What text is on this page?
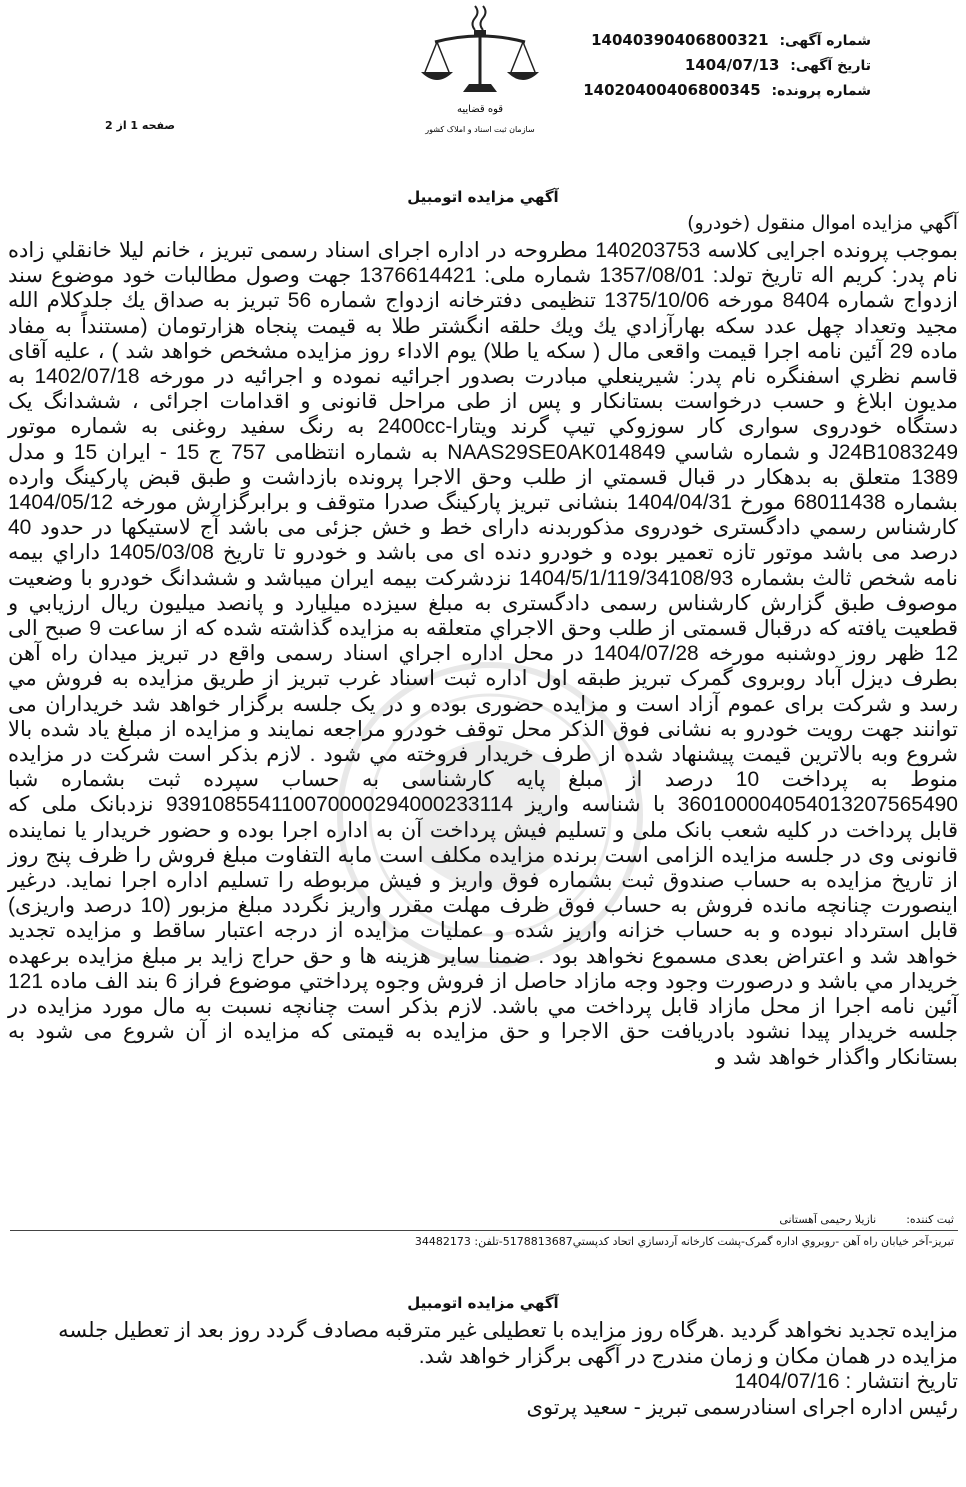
شماره آگهی: 14040390406800321
تاریخ آگهی: 1404/07/13
شماره پرونده: 14020400406800345
قوه قضاییه
سازمان ثبت اسناد و املاک کشور
صفحه 1 از 2
آگهي مزايده اتومبيل
آگهي مزايده اموال منقول (خودرو)
بموجب پرونده اجرایی کلاسه 140203753 مطروحه در اداره اجرای اسناد رسمی تبریز ، خانم لیلا خانقلي زاده نام پدر: کریم اله تاریخ تولد: 1357/08/01 شماره ملی: 1376614421 جهت وصول مطالبات خود موضوع سند ازدواج شماره 8404 مورخه 1375/10/06 تنظیمی دفترخانه ازدواج شماره 56 تبریز به صداق يك جلدكلام الله مجيد وتعداد چهل عدد سكه بهارآزادي يك ويك حلقه انگشتر طلا به قيمت پنجاه هزارتومان (مستنداً به مفاد ماده 29 آئين نامه اجرا قيمت واقعی مال ( سکه یا طلا) یوم الاداء روز مزایده مشخص خواهد شد ) ، علیه آقای قاسم نظري اسفنگره نام پدر: شيرينعلي مبادرت بصدور اجرائیه نموده و اجرائیه در مورخه 1402/07/18 به مدیون ابلاغ و حسب درخواست بستانکار و پس از طی مراحل قانونی و اقدامات اجرائی ، ششدانگ یک دستگاه خودروی سواری کار سوزوكي تيپ گرند ويتارا-2400cc به رنگ سفيد روغنی به شماره موتور J24B1083249 و شماره شاسي NAAS29SE0AK014849 به شماره انتظامی 757 ج 15 - ایران 15 و مدل 1389 متعلق به بدهکار در قبال قسمتي از طلب وحق الاجرا پرونده بازداشت و طبق قبض پارکینگ وارده بشماره 68011438 مورخ 1404/04/31 بنشانی تبریز پارکینگ صدرا متوقف و برابرگزارش مورخه 1404/05/12 کارشناس رسمي دادگستری خودروی مذکوربدنه دارای خط و خش جزئی می باشد آج لاستیکها در حدود 40 درصد می باشد موتور تازه تعمیر بوده و خودرو دنده ای می باشد و خودرو تا تاریخ 1405/03/08 داراي بیمه نامه شخص ثالث بشماره 1404/5/1/119/34108/93 نزدشرکت بیمه ایران میباشد و ششدانگ خودرو با وضعیت موصوف طبق گزارش کارشناس رسمی دادگستری به مبلغ سیزده میلیارد و پانصد میلیون ريال ارزيابي و قطعيت يافته كه درقبال قسمتی از طلب وحق الاجراي متعلقه به مزايده گذاشته شده كه از ساعت 9 صبح الی 12 ظهر روز دوشنبه مورخه 1404/07/28 در محل اداره اجراي اسناد رسمی واقع در تبریز میدان راه آهن بطرف دیزل آباد روبروی گمرک تبریز طبقه اول اداره ثبت اسناد غرب تبریز از طريق مزايده به فروش مي رسد و شرکت برای عموم آزاد است و مزایده حضوری بوده و در یک جلسه برگزار خواهد شد خریداران می توانند جهت رویت خودرو به نشانی فوق الذکر محل توقف خودرو مراجعه نمایند و مزايده از مبلغ ياد شده بالا شروع وبه بالاترين قيمت پيشنهاد شده از طرف خريدار فروخته مي شود . لازم بذکر است شرکت در مزایده منوط به پرداخت 10 درصد از مبلغ پایه کارشناسی به حساب سپرده ثبت بشماره شبا 360100004054013207565490 با شناسه واریز 939108554110070000294000233114 نزدبانک ملی که قابل پرداخت در کلیه شعب بانک ملی و تسلیم فیش پرداخت آن به اداره اجرا بوده و حضور خریدار یا نماینده قانونی وی در جلسه مزایده الزامی است برنده مزایده مکلف است مابه التفاوت مبلغ فروش را ظرف پنج روز از تاریخ مزایده به حساب صندوق ثبت بشماره فوق واریز و فیش مربوطه را تسلیم اداره اجرا نماید. درغیر اینصورت چنانچه مانده فروش به حساب فوق ظرف مهلت مقرر واریز نگردد مبلغ مزبور (10 درصد واریزی) قابل استرداد نبوده و به حساب خزانه واریز شده و عملیات مزایده از درجه اعتبار ساقط و مزایده تجدید خواهد شد و اعتراض بعدی مسموع نخواهد بود . ضمنا سایر هزینه ها و حق حراج زاید بر مبلغ مزایده برعهده خریدار مي باشد و درصورت وجود وجه مازاد حاصل از فروش وجوه پرداختي موضوع فراز 6 بند الف ماده 121 آئین نامه اجرا از محل مازاد قابل پرداخت مي باشد. لازم بذكر است چنانچه نسبت به مال مورد مزایده در جلسه خریدار پیدا نشود بادریافت حق الاجرا و حق مزايده به قیمتی که مزایده از آن شروع می شود به بستانکار واگذار خواهد شد و
ثبت کننده:نازیلا رحیمی آهستانی
تبریز-آخر خیابان راه آهن -روبروي اداره گمرک-پشت کارخانه آردسازي اتحاد کدپستي5178813687-تلفن: 34482173
آگهي مزايده اتومبيل

مزایده تجدید نخواهد گردید .هرگاه روز مزایده با تعطیلی غیر مترقبه مصادف گردد روز بعد از تعطیل جلسه مزایده در همان مکان و زمان مندرج در آگهی برگزار خواهد شد.

تاریخ انتشار : 1404/07/16

رئیس اداره اجرای اسنادرسمی تبریز - سعید پرتوی
